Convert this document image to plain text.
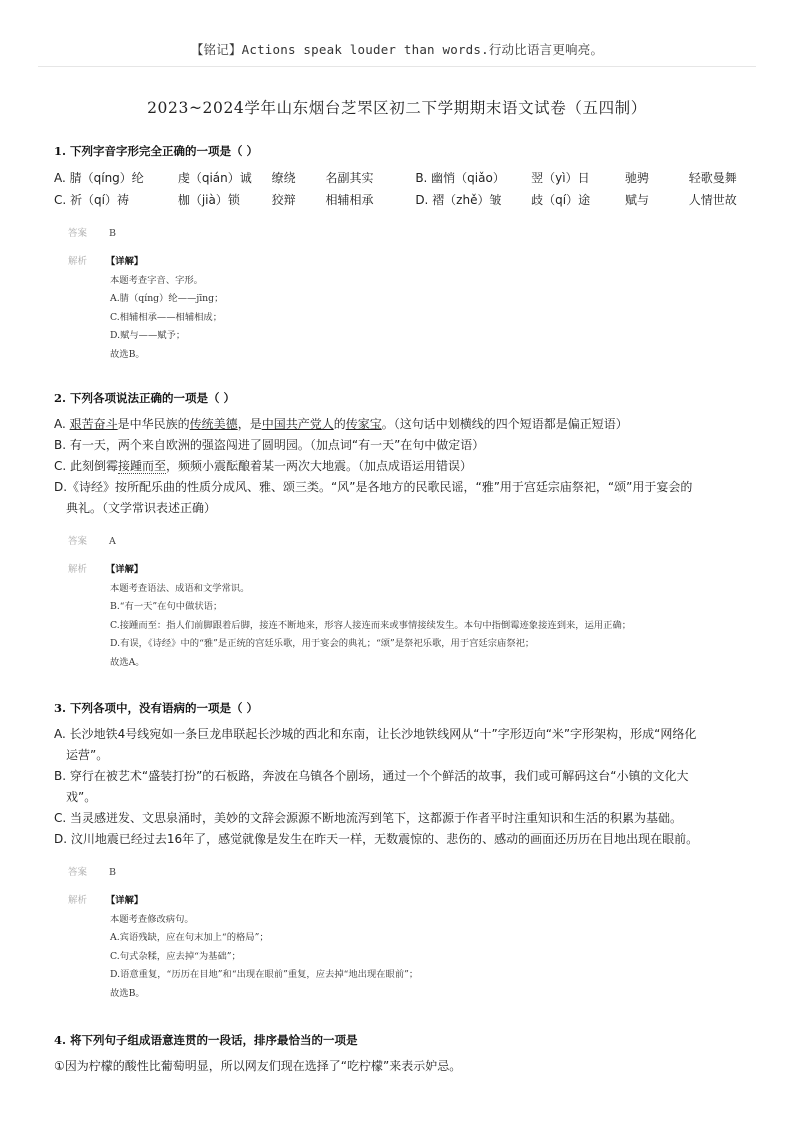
【铭记】Actions speak louder than words.行动比语言更响亮。
2023~2024学年山东烟台芝罘区初二下学期期末语文试卷（五四制）
1. 下列字音字形完全正确的一项是（ ）
A. 腈（qíng）纶	虔（qián）诚 缭绕 名副其实	B. 幽悄（qiǎo） 翌（yì）日	驰骋	轻歌曼舞
C. 祈（qí）祷	枷（jià）锁	狡辩 相辅相承	D. 褶（zhě）皱 歧（qí）途	赋与	人情世故
答案 B
解析	【详解】
本题考查字音、字形。
A.腈（qíng）纶——jīng；
C.相辅相承——相辅相成；
D.赋与——赋予；
故选B。
2. 下列各项说法正确的一项是（ ）
A. 艰苦奋斗是中华民族的传统美德，是中国共产党人的传家宝。（这句话中划横线的四个短语都是偏正短语）
B. 有一天，两个来自欧洲的强盗闯进了圆明园。（加点词“有一天”在句中做定语）
C. 此刻倒霉接踵而至，频频小震酝酿着某一两次大地震。（加点成语运用错误）
D.《诗经》按所配乐曲的性质分成风、雅、颂三类。“风”是各地方的民歌民谣，“雅”用于宫廷宗庙祭祀，“颂”用于宴会的
典礼。（文学常识表述正确）
答案 A
解析	【详解】
本题考查语法、成语和文学常识。
B.“有一天”在句中做状语；
C.接踵而至：指人们前脚跟着后脚，接连不断地来，形容人接连而来或事情接续发生。本句中指倒霉迹象接连到来，运用正确；
D.有误，《诗经》中的“雅”是正统的宫廷乐歌，用于宴会的典礼；“颂”是祭祀乐歌，用于宫廷宗庙祭祀；
故选A。
3. 下列各项中，没有语病的一项是（ ）
A. 长沙地铁4号线宛如一条巨龙串联起长沙城的西北和东南，让长沙地铁线网从“十”字形迈向“米”字形架构，形成“网络化
运营”。
B. 穿行在被艺术“盛装打扮”的石板路，奔波在乌镇各个剧场，通过一个个鲜活的故事，我们或可解码这台“小镇的文化大
戏”。
C. 当灵感迸发、文思泉涌时，美妙的文辞会源源不断地流泻到笔下，这都源于作者平时注重知识和生活的积累为基础。
D. 汶川地震已经过去16年了，感觉就像是发生在昨天一样，无数震惊的、悲伤的、感动的画面还历历在目地出现在眼前。
答案 B
解析	【详解】
本题考查修改病句。
A.宾语残缺，应在句末加上“的格局”；
C.句式杂糅，应去掉“为基础”；
D.语意重复，“历历在目地”和“出现在眼前”重复，应去掉“地出现在眼前”；
故选B。
4. 将下列句子组成语意连贯的一段话，排序最恰当的一项是
①因为柠檬的酸性比葡萄明显，所以网友们现在选择了“吃柠檬”来表示妒忌。
